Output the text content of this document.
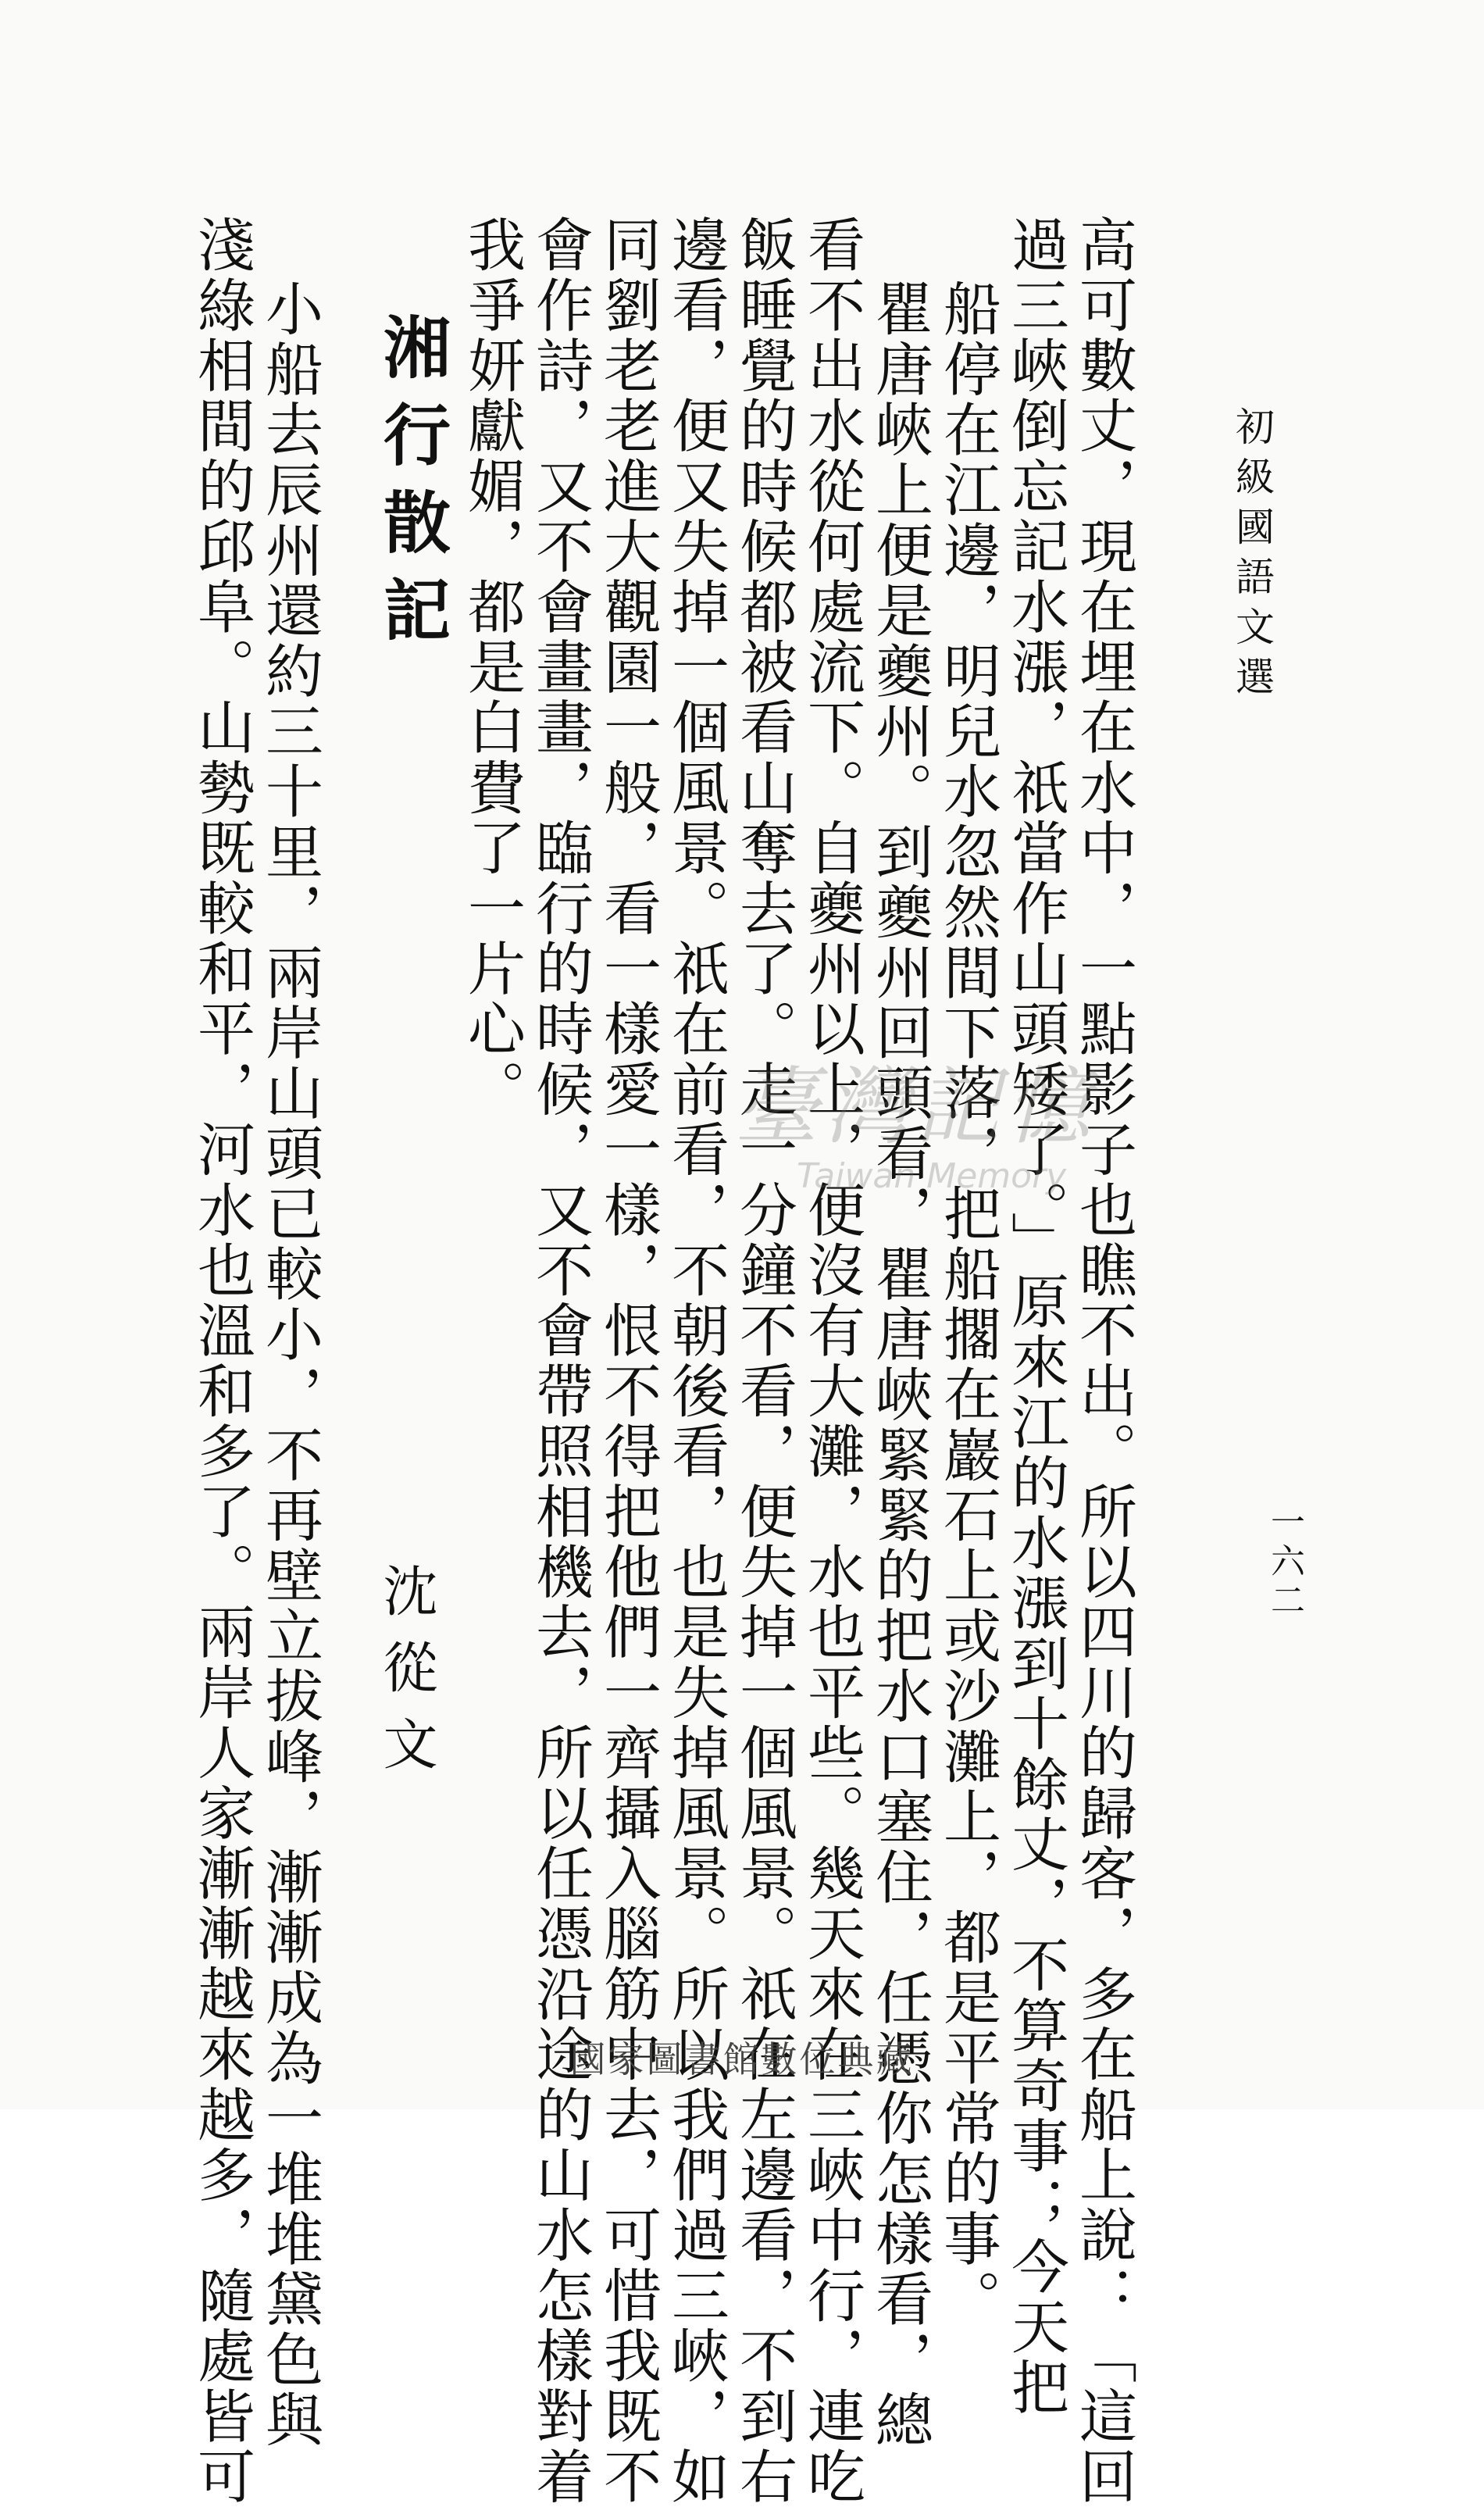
初級國語文選
一六二
高可數丈，現在埋在水中，一點影子也瞧不出。所以四川的歸客，多在船上說：「這回
過三峽倒忘記水漲，祇當作山頭矮了。」原來江的水漲到十餘丈，不算奇事；今天把
船停在江邊，明兒水忽然間下落，把船擱在巖石上或沙灘上，都是平常的事。
瞿唐峽上便是夔州。到夔州回頭看，瞿唐峽緊緊的把水口塞住，任憑你怎樣看，總
看不出水從何處流下。自夔州以上，便沒有大灘，水也平些。幾天來在三峽中行，連吃
飯睡覺的時候都被看山奪去了。走一分鐘不看，便失掉一個風景。祇在左邊看，不到右
邊看，便又失掉一個風景。祇在前看，不朝後看，也是失掉風景。所以我們過三峽，如
同劉老老進大觀園一般，看一樣愛一樣，恨不得把他們一齊攝入腦筋中去，可惜我既不
會作詩，又不會畫畫，臨行的時候，又不會帶照相機去，所以任憑沿途的山水怎樣對着
我爭妍獻媚，都是白費了一片心。
湘行散記
沈從文
小船去辰州還約三十里，兩岸山頭已較小，不再壁立拔峰，漸漸成為一堆堆黛色與
淺綠相間的邱阜。山勢既較和平，河水也溫和多了。兩岸人家漸漸越來越多，隨處皆可	臺灣記憶
Taiwan Memory
國家圖書館數位典藏
